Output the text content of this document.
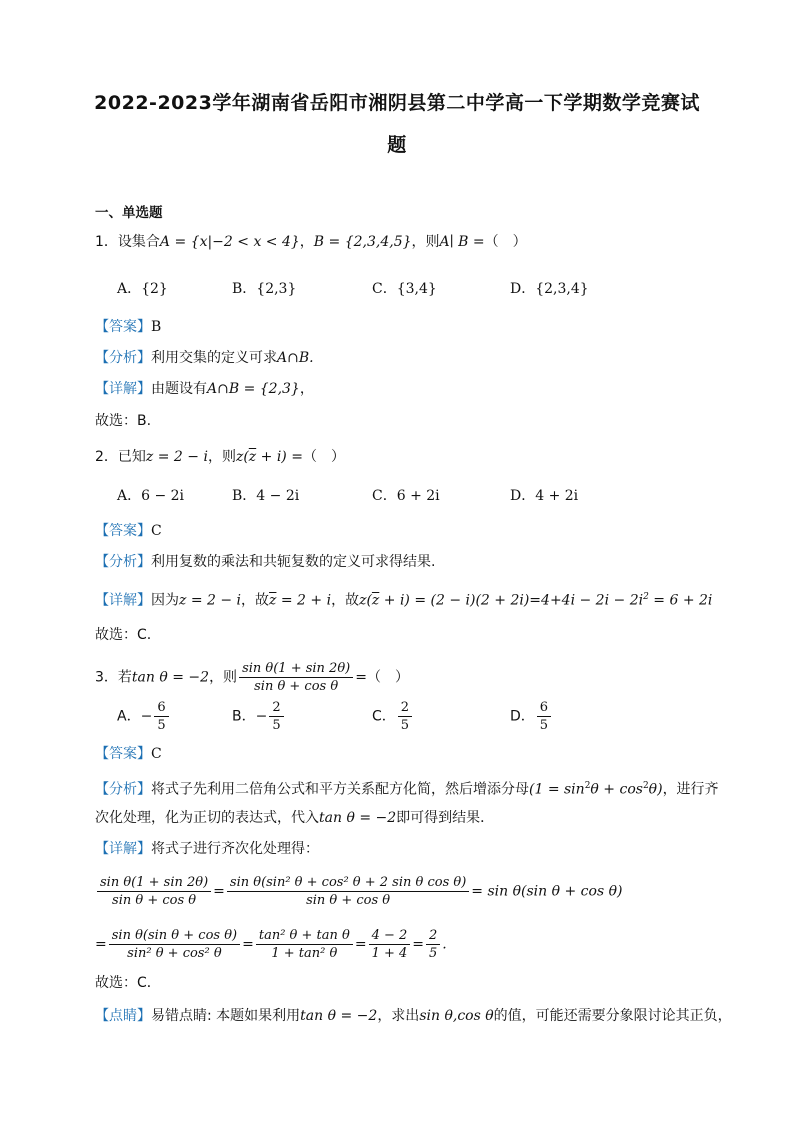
2022-2023学年湖南省岳阳市湘阴县第二中学高一下学期数学竞赛试
题
一、单选题
1．设集合A = {x|−2 < x < 4}，B = {2,3,4,5}，则A∣ B =（　）
A．{2}	B．{2,3}	C．{3,4}	D．{2,3,4}
【答案】B
【分析】利用交集的定义可求A∩B.
【详解】由题设有A∩B = {2,3}，
故选：B.
2．已知z = 2 − i，则$z(\overline{z} + i)$ =（　）
A．6 − 2i	B．4 − 2i	C．6 + 2i	D．4 + 2i
【答案】C
【分析】利用复数的乘法和共轭复数的定义可求得结果.
【详解】因为z = 2 − i，故$\overline{z} = 2 + i$，故$z(\overline{z} + i) = (2 - i)(2 + 2i)=4+4i - 2i - 2i^2 = 6 + 2i$
故选：C.
3．若tan θ = −2，则 $\frac{\text{sin θ(1 + sin 2θ)}}{\text{sin θ + cos θ}}$ =（　）
A．− $\frac{6}{5}$	B．− $\frac{2}{5}$	C． $\frac{2}{5}$	D． $\frac{6}{5}$
【答案】C
【分析】将式子先利用二倍角公式和平方关系配方化简，然后增添分母$(1 = \sin^2\theta + \cos^2\theta)$，进行齐
次化处理，化为正切的表达式，代入tan θ = −2即可得到结果．
【详解】将式子进行齐次化处理得：
$\frac{\text{sin θ(1 + sin 2θ)}}{\text{sin θ + cos θ}} = \frac{\text{sin θ(sin² θ + cos² θ + 2 sin θ cos θ)}}{\text{sin θ + cos θ}} = \sin \theta(\sin$ θ + cos θ)
= $\frac{\text{sin θ(sin θ + cos θ)}}{\text{sin² θ + cos² θ}} = \frac{\text{tan² θ + tan θ}}{\text{1 + tan² θ}} = \frac{4 - 2}{1 + 4} = \frac{2}{5}$ .
故选：C．
【点睛】易错点睛: 本题如果利用tan θ = −2，求出sin θ,cos θ的值，可能还需要分象限讨论其正负，
